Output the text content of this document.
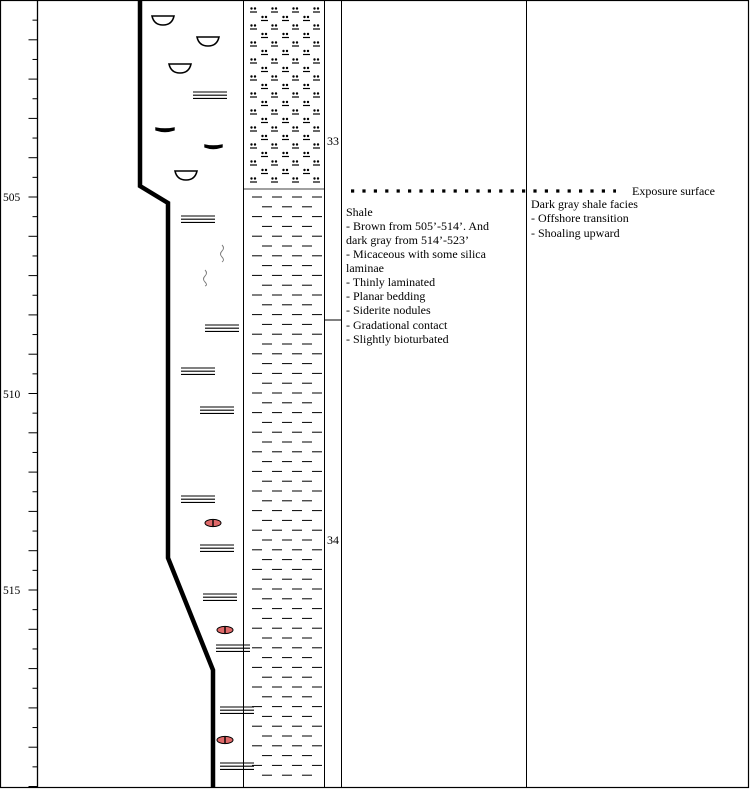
505
510
515
33
34
Exposure surface
Shale
- Brown from 505’-514’. And
dark gray from 514’-523’
- Micaceous with some silica
laminae
- Thinly laminated
- Planar bedding
- Siderite nodules
- Gradational contact
- Slightly bioturbated
Dark gray shale facies
- Offshore transition
- Shoaling upward
